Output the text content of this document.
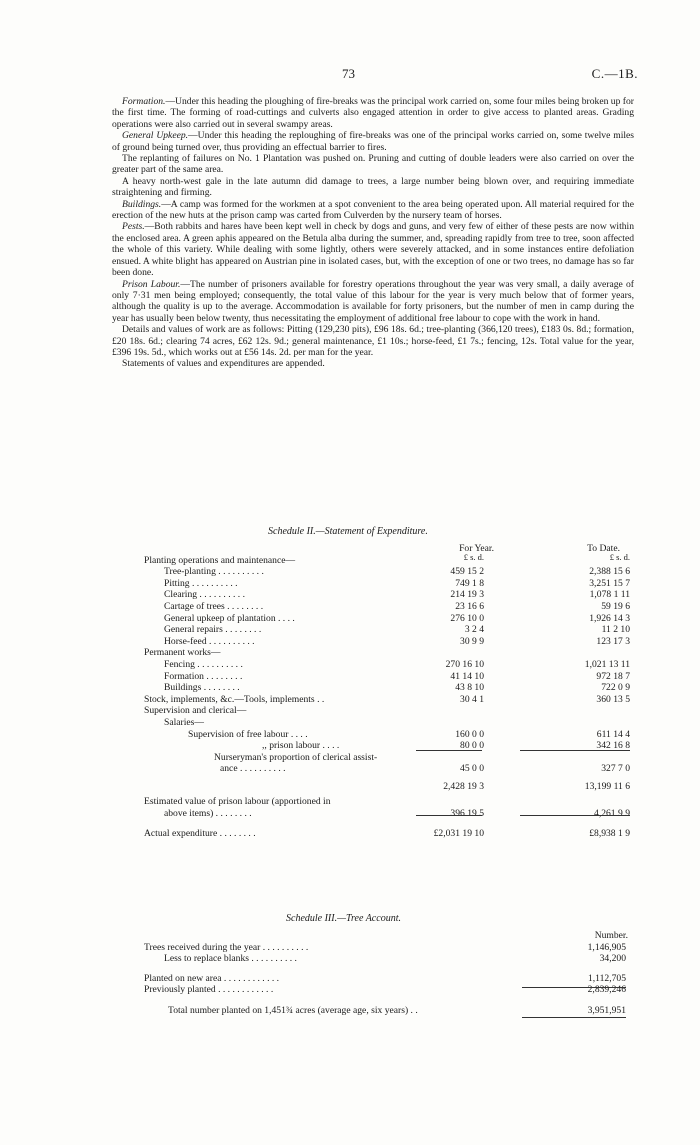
73	C.—1B.

Formation.—Under this heading the ploughing of fire-breaks was the principal work carried on, some four miles being broken up for the first time. The forming of road-cuttings and culverts also engaged attention in order to give access to planted areas. Grading operations were also carried out in several swampy areas.

General Upkeep.—Under this heading the reploughing of fire-breaks was one of the principal works carried on, some twelve miles of ground being turned over, thus providing an effectual barrier to fires.

The replanting of failures on No. 1 Plantation was pushed on. Pruning and cutting of double leaders were also carried on over the greater part of the same area.

A heavy north-west gale in the late autumn did damage to trees, a large number being blown over, and requiring immediate straightening and firming.

Buildings.—A camp was formed for the workmen at a spot convenient to the area being operated upon. All material required for the erection of the new huts at the prison camp was carted from Culverden by the nursery team of horses.

Pests.—Both rabbits and hares have been kept well in check by dogs and guns, and very few of either of these pests are now within the enclosed area. A green aphis appeared on the Betula alba during the summer, and, spreading rapidly from tree to tree, soon affected the whole of this variety. While dealing with some lightly, others were severely attacked, and in some instances entire defoliation ensued. A white blight has appeared on Austrian pine in isolated cases, but, with the exception of one or two trees, no damage has so far been done.

Prison Labour.—The number of prisoners available for forestry operations throughout the year was very small, a daily average of only 7·31 men being employed; consequently, the total value of this labour for the year is very much below that of former years, although the quality is up to the average. Accommodation is available for forty prisoners, but the number of men in camp during the year has usually been below twenty, thus necessitating the employment of additional free labour to cope with the work in hand.

Details and values of work are as follows: Pitting (129,230 pits), £96 18s. 6d.; tree-planting (366,120 trees), £183 0s. 8d.; formation, £20 18s. 6d.; clearing 74 acres, £62 12s. 9d.; general maintenance, £1 10s.; horse-feed, £1 7s.; fencing, 12s. Total value for the year, £396 19s. 5d., which works out at £56 14s. 2d. per man for the year.

Statements of values and expenditures are appended.

Schedule II.—Statement of Expenditure.
For Year.	To Date.
£ s. d.	£ s. d.
Planting operations and maintenance—
Tree-planting . . . . . . . . . .	459 15 2	2,388 15 6
Pitting . . . . . . . . . .	749 1 8	3,251 15 7
Clearing . . . . . . . . . .	214 19 3	1,078 1 11
Cartage of trees . . . . . . . .	23 16 6	59 19 6
General upkeep of plantation . . . .	276 10 0	1,926 14 3
General repairs . . . . . . . .	3 2 4	11 2 10
Horse-feed . . . . . . . . . .	30 9 9	123 17 3
Permanent works—
Fencing . . . . . . . . . .	270 16 10	1,021 13 11
Formation . . . . . . . .	41 14 10	972 18 7
Buildings . . . . . . . .	43 8 10	722 0 9
Stock, implements, &c.—Tools, implements . .	30 4 1	360 13 5
Supervision and clerical—
Salaries—
Supervision of free labour . . . .	160 0 0	611 14 4
,, prison labour . . . .	80 0 0	342 16 8
Nurseryman's proportion of clerical assist-
ance . . . . . . . . . .	45 0 0	327 7 0
2,428 19 3	13,199 11 6
Estimated value of prison labour (apportioned in
above items) . . . . . . . .	396 19 5	4,261 9 9
Actual expenditure . . . . . . . .	£2,031 19 10	£8,938 1 9
Schedule III.—Tree Account.
Number.
Trees received during the year . . . . . . . . . .	1,146,905
Less to replace blanks . . . . . . . . . .	34,200
Planted on new area . . . . . . . . . . . .	1,112,705
Previously planted . . . . . . . . . . . .	2,839,246
Total number planted on 1,451¾ acres (average age, six years) . .	3,951,951
